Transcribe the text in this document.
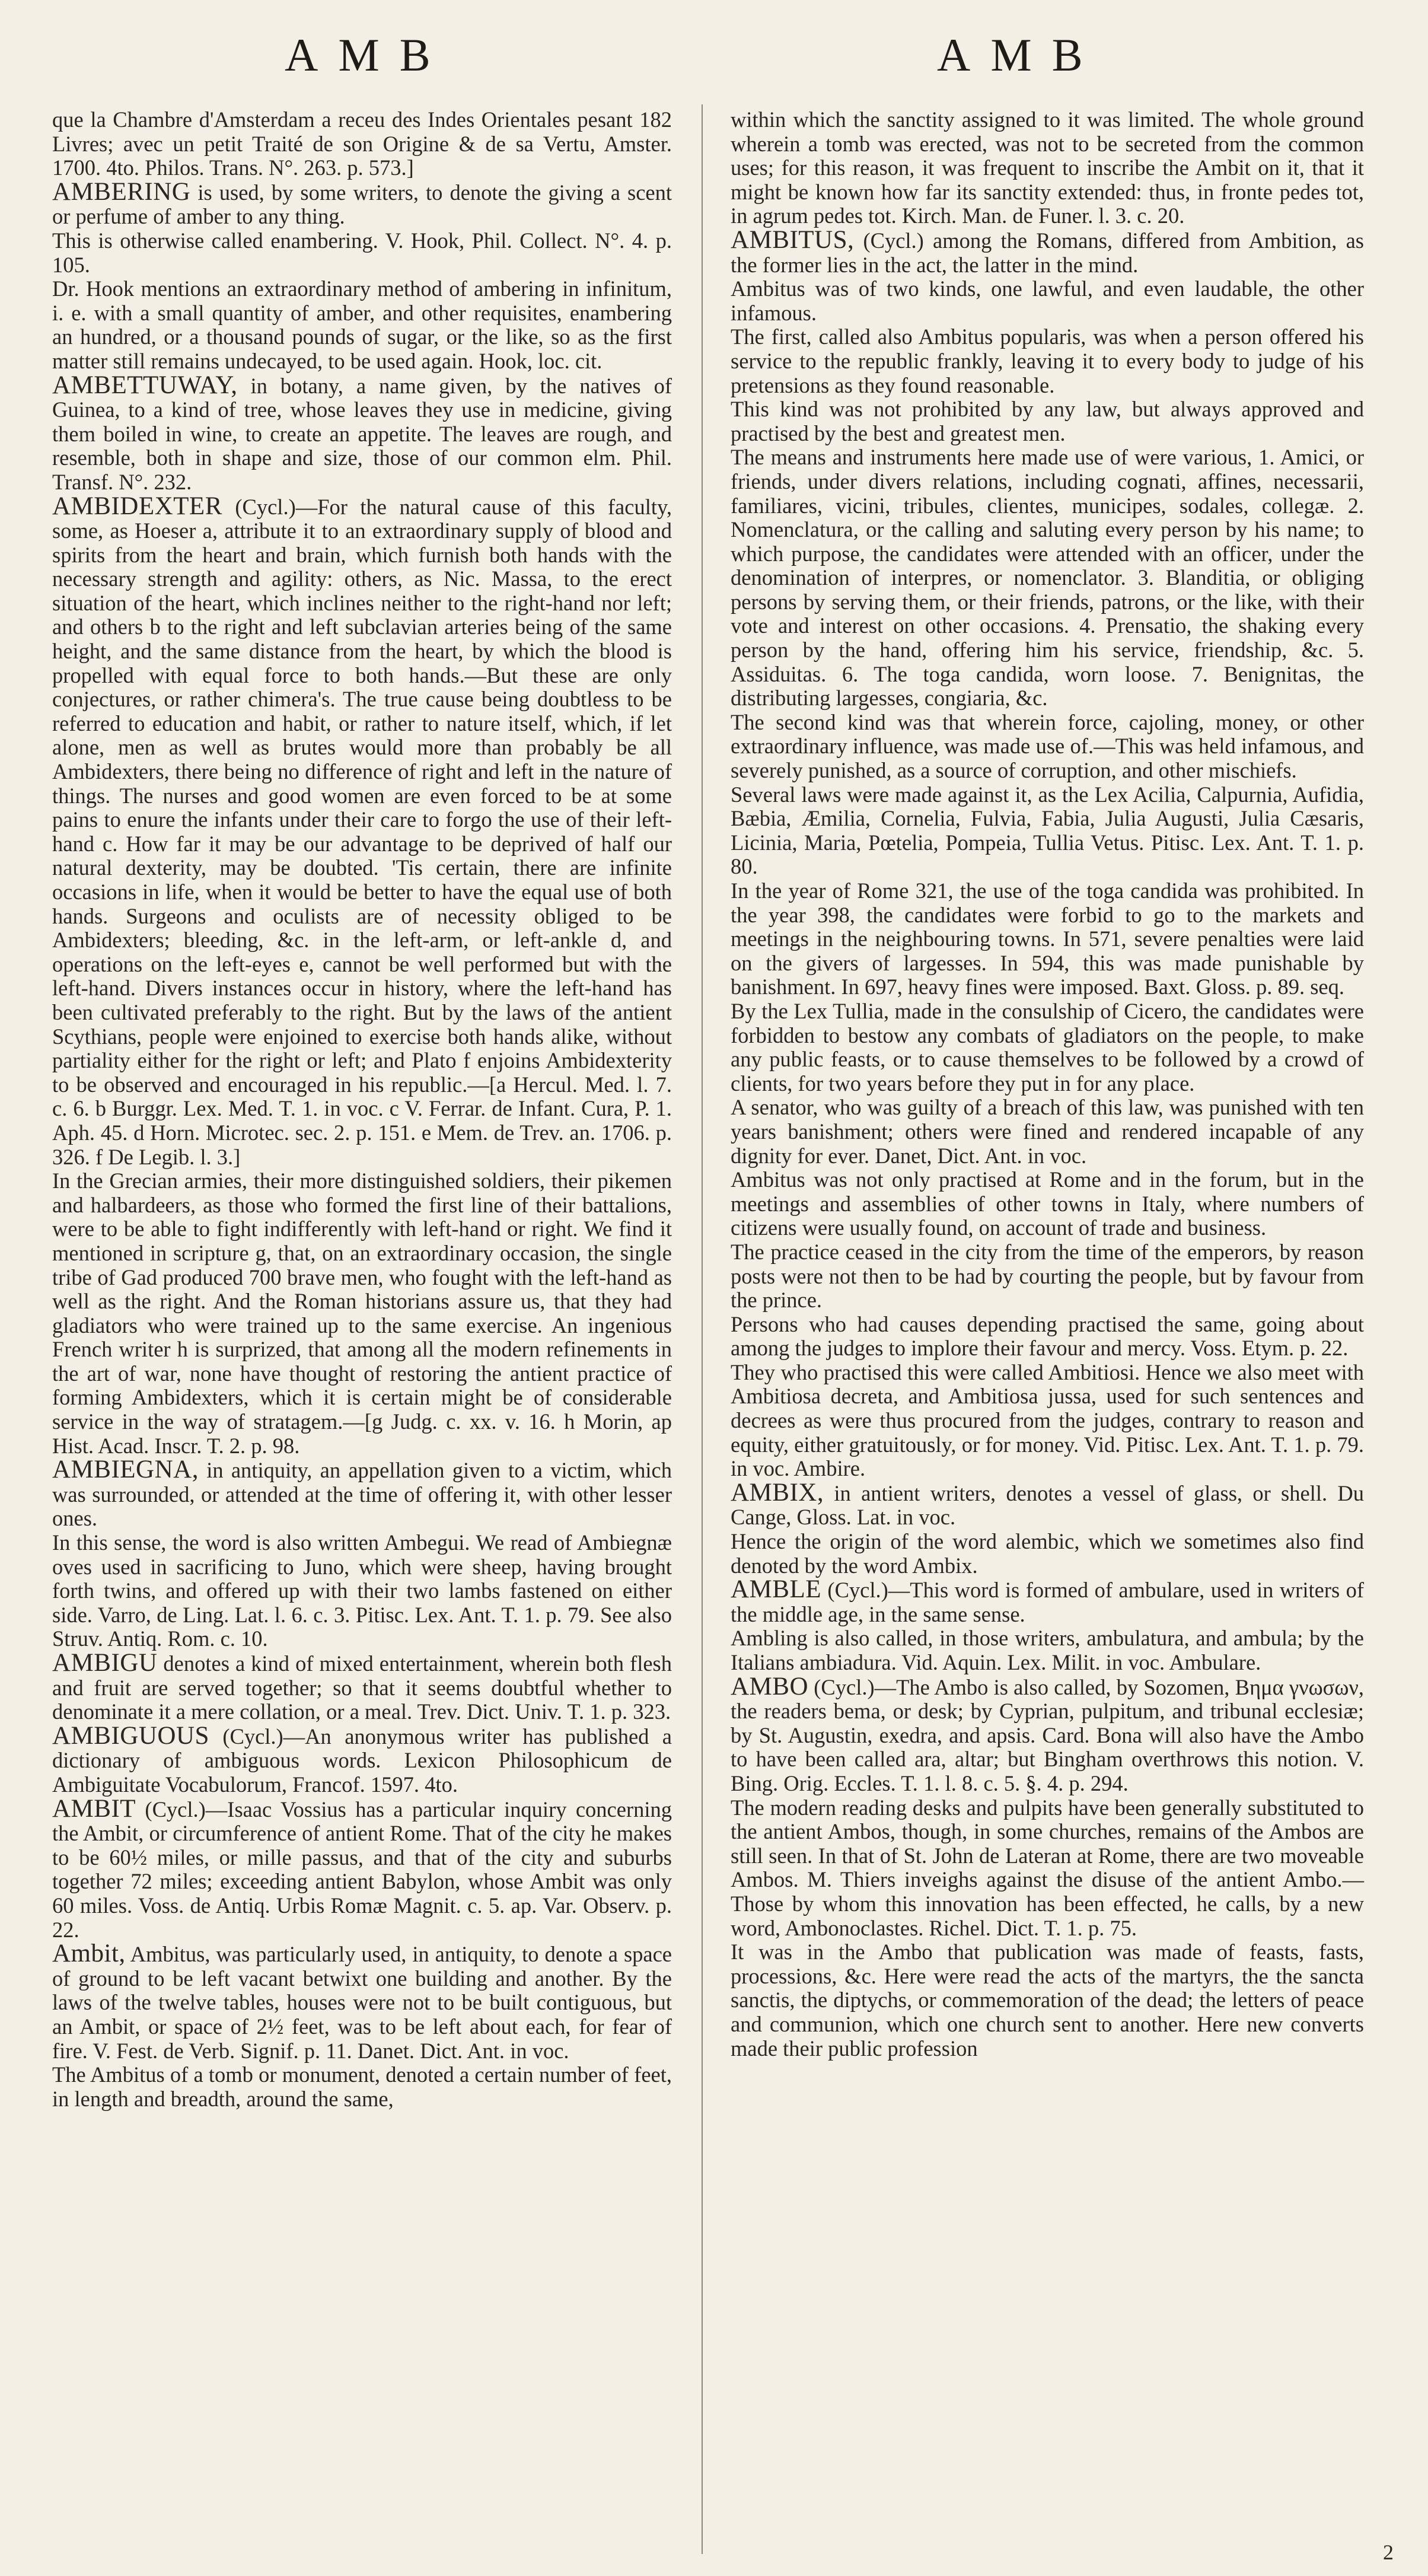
AMB	AMB

que la Chambre d'Amsterdam a receu des Indes Orientales pesant 182 Livres; avec un petit Traité de son Origine & de sa Vertu, Amster. 1700. 4to. Philos. Trans. N°. 263. p. 573.]

AMBERING is used, by some writers, to denote the giving a scent or perfume of amber to any thing.

This is otherwise called enambering. V. Hook, Phil. Collect. N°. 4. p. 105.

Dr. Hook mentions an extraordinary method of ambering in infinitum, i. e. with a small quantity of amber, and other requisites, enambering an hundred, or a thousand pounds of sugar, or the like, so as the first matter still remains undecayed, to be used again. Hook, loc. cit.

AMBETTUWAY, in botany, a name given, by the natives of Guinea, to a kind of tree, whose leaves they use in medicine, giving them boiled in wine, to create an appetite. The leaves are rough, and resemble, both in shape and size, those of our common elm. Phil. Transf. N°. 232.

AMBIDEXTER (Cycl.)—For the natural cause of this faculty, some, as Hoeser a, attribute it to an extraordinary supply of blood and spirits from the heart and brain, which furnish both hands with the necessary strength and agility: others, as Nic. Massa, to the erect situation of the heart, which inclines neither to the right-hand nor left; and others b to the right and left subclavian arteries being of the same height, and the same distance from the heart, by which the blood is propelled with equal force to both hands.—But these are only conjectures, or rather chimera's. The true cause being doubtless to be referred to education and habit, or rather to nature itself, which, if let alone, men as well as brutes would more than probably be all Ambidexters, there being no difference of right and left in the nature of things. The nurses and good women are even forced to be at some pains to enure the infants under their care to forgo the use of their left-hand c. How far it may be our advantage to be deprived of half our natural dexterity, may be doubted. 'Tis certain, there are infinite occasions in life, when it would be better to have the equal use of both hands. Surgeons and oculists are of necessity obliged to be Ambidexters; bleeding, &c. in the left-arm, or left-ankle d, and operations on the left-eyes e, cannot be well performed but with the left-hand. Divers instances occur in history, where the left-hand has been cultivated preferably to the right. But by the laws of the antient Scythians, people were enjoined to exercise both hands alike, without partiality either for the right or left; and Plato f enjoins Ambidexterity to be observed and encouraged in his republic.—[a Hercul. Med. l. 7. c. 6. b Burggr. Lex. Med. T. 1. in voc. c V. Ferrar. de Infant. Cura, P. 1. Aph. 45. d Horn. Microtec. sec. 2. p. 151. e Mem. de Trev. an. 1706. p. 326. f De Legib. l. 3.]

In the Grecian armies, their more distinguished soldiers, their pikemen and halbardeers, as those who formed the first line of their battalions, were to be able to fight indifferently with left-hand or right. We find it mentioned in scripture g, that, on an extraordinary occasion, the single tribe of Gad produced 700 brave men, who fought with the left-hand as well as the right. And the Roman historians assure us, that they had gladiators who were trained up to the same exercise. An ingenious French writer h is surprized, that among all the modern refinements in the art of war, none have thought of restoring the antient practice of forming Ambidexters, which it is certain might be of considerable service in the way of stratagem.—[g Judg. c. xx. v. 16. h Morin, ap Hist. Acad. Inscr. T. 2. p. 98.

AMBIEGNA, in antiquity, an appellation given to a victim, which was surrounded, or attended at the time of offering it, with other lesser ones.

In this sense, the word is also written Ambegui. We read of Ambiegnæ oves used in sacrificing to Juno, which were sheep, having brought forth twins, and offered up with their two lambs fastened on either side. Varro, de Ling. Lat. l. 6. c. 3. Pitisc. Lex. Ant. T. 1. p. 79. See also Struv. Antiq. Rom. c. 10.

AMBIGU denotes a kind of mixed entertainment, wherein both flesh and fruit are served together; so that it seems doubtful whether to denominate it a mere collation, or a meal. Trev. Dict. Univ. T. 1. p. 323.

AMBIGUOUS (Cycl.)—An anonymous writer has published a dictionary of ambiguous words. Lexicon Philosophicum de Ambiguitate Vocabulorum, Francof. 1597. 4to.

AMBIT (Cycl.)—Isaac Vossius has a particular inquiry concerning the Ambit, or circumference of antient Rome. That of the city he makes to be 60½ miles, or mille passus, and that of the city and suburbs together 72 miles; exceeding antient Babylon, whose Ambit was only 60 miles. Voss. de Antiq. Urbis Romæ Magnit. c. 5. ap. Var. Observ. p. 22.

Ambit, Ambitus, was particularly used, in antiquity, to denote a space of ground to be left vacant betwixt one building and another. By the laws of the twelve tables, houses were not to be built contiguous, but an Ambit, or space of 2½ feet, was to be left about each, for fear of fire. V. Fest. de Verb. Signif. p. 11. Danet. Dict. Ant. in voc.

The Ambitus of a tomb or monument, denoted a certain number of feet, in length and breadth, around the same,

within which the sanctity assigned to it was limited. The whole ground wherein a tomb was erected, was not to be secreted from the common uses; for this reason, it was frequent to inscribe the Ambit on it, that it might be known how far its sanctity extended: thus, in fronte pedes tot, in agrum pedes tot. Kirch. Man. de Funer. l. 3. c. 20.

AMBITUS, (Cycl.) among the Romans, differed from Ambition, as the former lies in the act, the latter in the mind.

Ambitus was of two kinds, one lawful, and even laudable, the other infamous.

The first, called also Ambitus popularis, was when a person offered his service to the republic frankly, leaving it to every body to judge of his pretensions as they found reasonable.

This kind was not prohibited by any law, but always approved and practised by the best and greatest men.

The means and instruments here made use of were various, 1. Amici, or friends, under divers relations, including cognati, affines, necessarii, familiares, vicini, tribules, clientes, municipes, sodales, collegæ. 2. Nomenclatura, or the calling and saluting every person by his name; to which purpose, the candidates were attended with an officer, under the denomination of interpres, or nomenclator. 3. Blanditia, or obliging persons by serving them, or their friends, patrons, or the like, with their vote and interest on other occasions. 4. Prensatio, the shaking every person by the hand, offering him his service, friendship, &c. 5. Assiduitas. 6. The toga candida, worn loose. 7. Benignitas, the distributing largesses, congiaria, &c.

The second kind was that wherein force, cajoling, money, or other extraordinary influence, was made use of.—This was held infamous, and severely punished, as a source of corruption, and other mischiefs.

Several laws were made against it, as the Lex Acilia, Calpurnia, Aufidia, Bæbia, Æmilia, Cornelia, Fulvia, Fabia, Julia Augusti, Julia Cæsaris, Licinia, Maria, Pœtelia, Pompeia, Tullia Vetus. Pitisc. Lex. Ant. T. 1. p. 80.

In the year of Rome 321, the use of the toga candida was prohibited. In the year 398, the candidates were forbid to go to the markets and meetings in the neighbouring towns. In 571, severe penalties were laid on the givers of largesses. In 594, this was made punishable by banishment. In 697, heavy fines were imposed. Baxt. Gloss. p. 89. seq.

By the Lex Tullia, made in the consulship of Cicero, the candidates were forbidden to bestow any combats of gladiators on the people, to make any public feasts, or to cause themselves to be followed by a crowd of clients, for two years before they put in for any place.

A senator, who was guilty of a breach of this law, was punished with ten years banishment; others were fined and rendered incapable of any dignity for ever. Danet, Dict. Ant. in voc.

Ambitus was not only practised at Rome and in the forum, but in the meetings and assemblies of other towns in Italy, where numbers of citizens were usually found, on account of trade and business.

The practice ceased in the city from the time of the emperors, by reason posts were not then to be had by courting the people, but by favour from the prince.

Persons who had causes depending practised the same, going about among the judges to implore their favour and mercy. Voss. Etym. p. 22.

They who practised this were called Ambitiosi. Hence we also meet with Ambitiosa decreta, and Ambitiosa jussa, used for such sentences and decrees as were thus procured from the judges, contrary to reason and equity, either gratuitously, or for money. Vid. Pitisc. Lex. Ant. T. 1. p. 79. in voc. Ambire.

AMBIX, in antient writers, denotes a vessel of glass, or shell. Du Cange, Gloss. Lat. in voc.

Hence the origin of the word alembic, which we sometimes also find denoted by the word Ambix.

AMBLE (Cycl.)—This word is formed of ambulare, used in writers of the middle age, in the same sense.

Ambling is also called, in those writers, ambulatura, and ambula; by the Italians ambiadura. Vid. Aquin. Lex. Milit. in voc. Ambulare.

AMBO (Cycl.)—The Ambo is also called, by Sozomen, Βημα γνωσων, the readers bema, or desk; by Cyprian, pulpitum, and tribunal ecclesiæ; by St. Augustin, exedra, and apsis. Card. Bona will also have the Ambo to have been called ara, altar; but Bingham overthrows this notion. V. Bing. Orig. Eccles. T. 1. l. 8. c. 5. §. 4. p. 294.

The modern reading desks and pulpits have been generally substituted to the antient Ambos, though, in some churches, remains of the Ambos are still seen. In that of St. John de Lateran at Rome, there are two moveable Ambos. M. Thiers inveighs against the disuse of the antient Ambo.— Those by whom this innovation has been effected, he calls, by a new word, Ambonoclastes. Richel. Dict. T. 1. p. 75.

It was in the Ambo that publication was made of feasts, fasts, processions, &c. Here were read the acts of the martyrs, the the sancta sanctis, the diptychs, or commemoration of the dead; the letters of peace and communion, which one church sent to another. Here new converts made their public profession

2
